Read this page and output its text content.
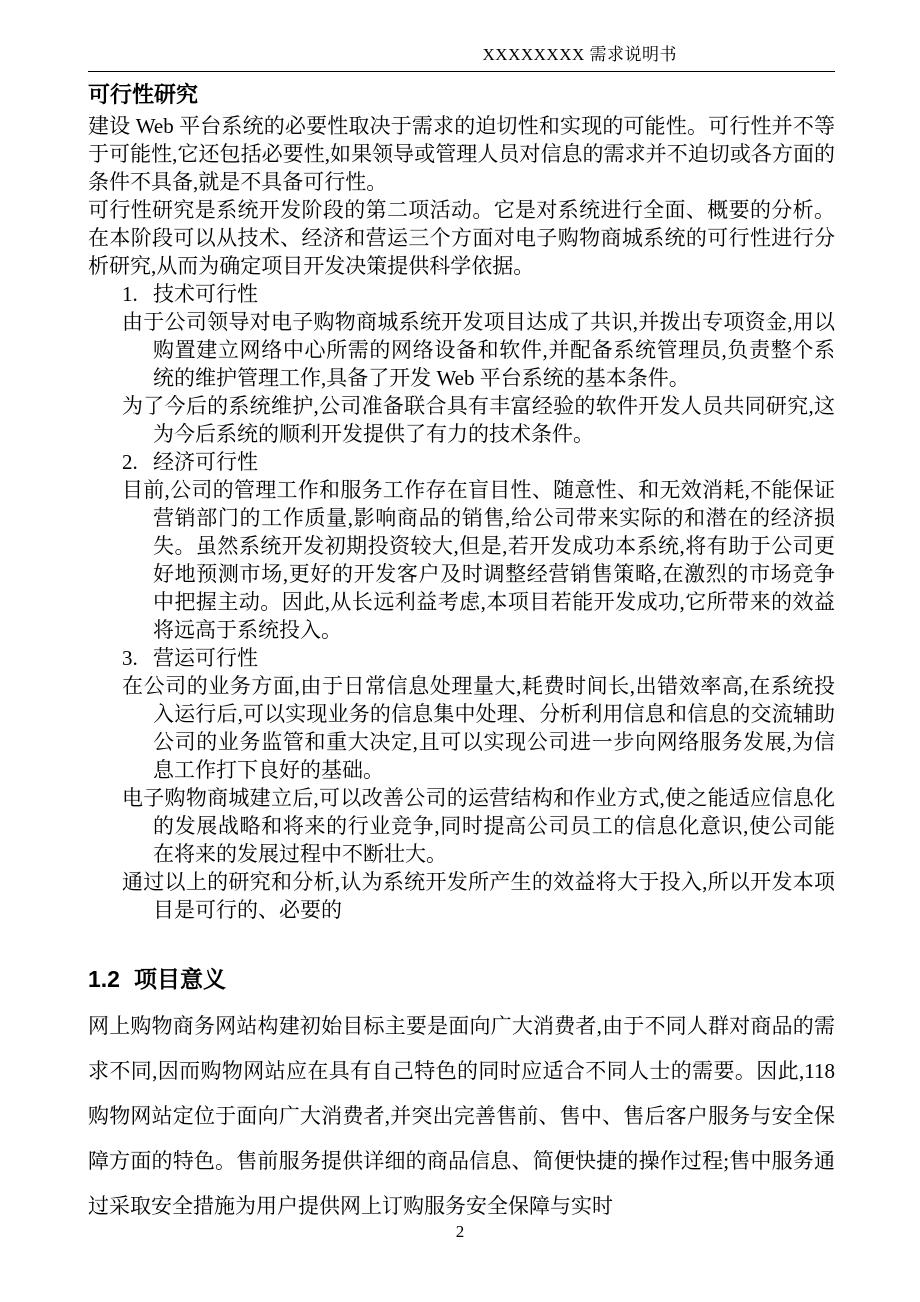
XXXXXXXX 需求说明书
可行性研究

建设 Web 平台系统的必要性取决于需求的迫切性和实现的可能性。可行性并不等于可能性,它还包括必要性,如果领导或管理人员对信息的需求并不迫切或各方面的条件不具备,就是不具备可行性。

可行性研究是系统开发阶段的第二项活动。它是对系统进行全面、概要的分析。在本阶段可以从技术、经济和营运三个方面对电子购物商城系统的可行性进行分析研究,从而为确定项目开发决策提供科学依据。

1. 技术可行性

由于公司领导对电子购物商城系统开发项目达成了共识,并拨出专项资金,用以购置建立网络中心所需的网络设备和软件,并配备系统管理员,负责整个系统的维护管理工作,具备了开发 Web 平台系统的基本条件。

为了今后的系统维护,公司准备联合具有丰富经验的软件开发人员共同研究,这为今后系统的顺利开发提供了有力的技术条件。

2. 经济可行性

目前,公司的管理工作和服务工作存在盲目性、随意性、和无效消耗,不能保证营销部门的工作质量,影响商品的销售,给公司带来实际的和潜在的经济损失。虽然系统开发初期投资较大,但是,若开发成功本系统,将有助于公司更好地预测市场,更好的开发客户及时调整经营销售策略,在激烈的市场竞争中把握主动。因此,从长远利益考虑,本项目若能开发成功,它所带来的效益将远高于系统投入。

3. 营运可行性

在公司的业务方面,由于日常信息处理量大,耗费时间长,出错效率高,在系统投入运行后,可以实现业务的信息集中处理、分析利用信息和信息的交流辅助公司的业务监管和重大决定,且可以实现公司进一步向网络服务发展,为信息工作打下良好的基础。

电子购物商城建立后,可以改善公司的运营结构和作业方式,使之能适应信息化的发展战略和将来的行业竞争,同时提高公司员工的信息化意识,使公司能在将来的发展过程中不断壮大。

通过以上的研究和分析,认为系统开发所产生的效益将大于投入,所以开发本项目是可行的、必要的

1.2 项目意义

网上购物商务网站构建初始目标主要是面向广大消费者,由于不同人群对商品的需求不同,因而购物网站应在具有自己特色的同时应适合不同人士的需要。因此,118 购物网站定位于面向广大消费者,并突出完善售前、售中、售后客户服务与安全保障方面的特色。售前服务提供详细的商品信息、简便快捷的操作过程;售中服务通过采取安全措施为用户提供网上订购服务安全保障与实时

2
